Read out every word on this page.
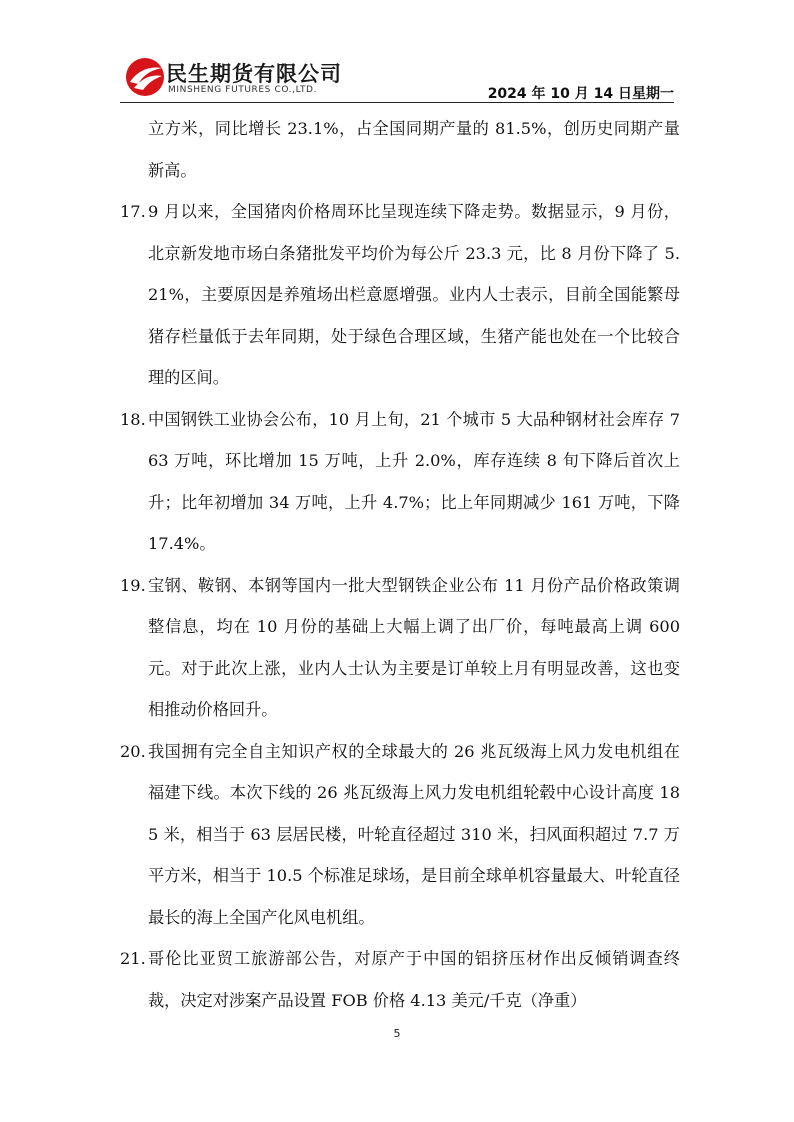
民生期货有限公司
MINSHENG FUTURES CO.,LTD.	2024 年 10 月 14 日星期一

立方米，同比增长 23.1%，占全国同期产量的 81.5%，创历史同期产量新高。

17. 9 月以来，全国猪肉价格周环比呈现连续下降走势。数据显示，9 月份，北京新发地市场白条猪批发平均价为每公斤 23.3 元，比 8 月份下降了 5.21%，主要原因是养殖场出栏意愿增强。业内人士表示，目前全国能繁母猪存栏量低于去年同期，处于绿色合理区域，生猪产能也处在一个比较合理的区间。

18. 中国钢铁工业协会公布，10 月上旬，21 个城市 5 大品种钢材社会库存 763 万吨，环比增加 15 万吨，上升 2.0%，库存连续 8 旬下降后首次上升；比年初增加 34 万吨，上升 4.7%；比上年同期减少 161 万吨，下降 17.4%。

19. 宝钢、鞍钢、本钢等国内一批大型钢铁企业公布 11 月份产品价格政策调整信息，均在 10 月份的基础上大幅上调了出厂价，每吨最高上调 600 元。对于此次上涨，业内人士认为主要是订单较上月有明显改善，这也变相推动价格回升。

20. 我国拥有完全自主知识产权的全球最大的 26 兆瓦级海上风力发电机组在福建下线。本次下线的 26 兆瓦级海上风力发电机组轮毂中心设计高度 185 米，相当于 63 层居民楼，叶轮直径超过 310 米，扫风面积超过 7.7 万平方米，相当于 10.5 个标准足球场，是目前全球单机容量最大、叶轮直径最长的海上全国产化风电机组。

21. 哥伦比亚贸工旅游部公告，对原产于中国的铝挤压材作出反倾销调查终裁，决定对涉案产品设置 FOB 价格 4.13 美元/千克（净重）

5
